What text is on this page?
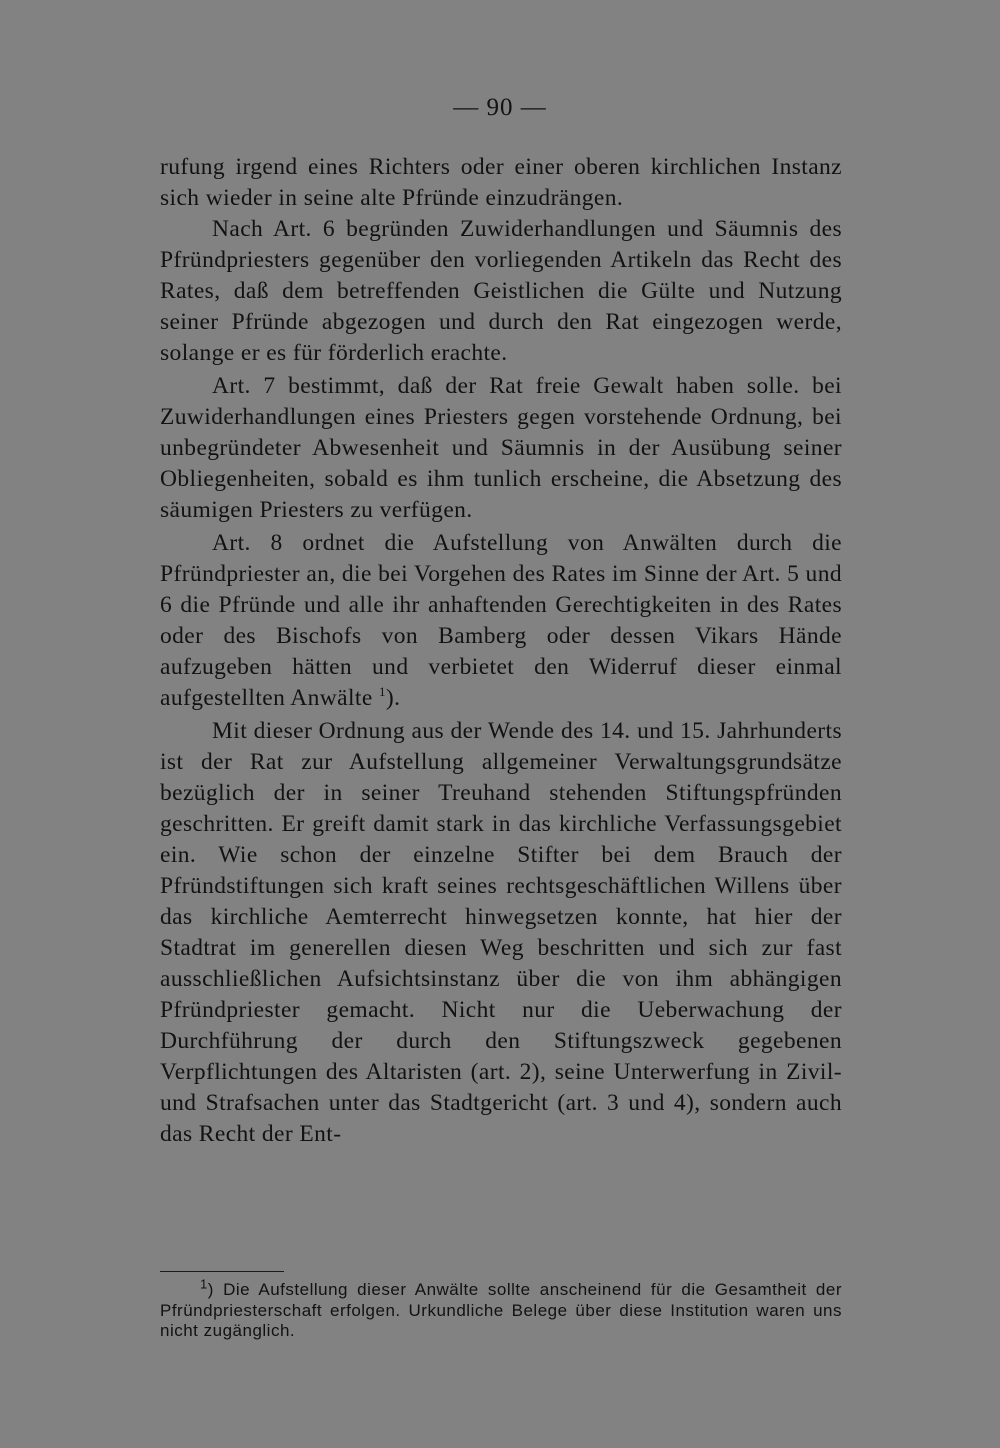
— 90 —

rufung irgend eines Richters oder einer oberen kirchlichen Instanz sich wieder in seine alte Pfründe einzudrängen.

Nach Art. 6 begründen Zuwiderhandlungen und Säumnis des Pfründpriesters gegenüber den vorliegenden Artikeln das Recht des Rates, daß dem betreffenden Geistlichen die Gülte und Nutzung seiner Pfründe abgezogen und durch den Rat eingezogen werde, solange er es für förderlich erachte.

Art. 7 bestimmt, daß der Rat freie Gewalt haben solle. bei Zuwiderhandlungen eines Priesters gegen vorstehende Ordnung, bei unbegründeter Abwesenheit und Säumnis in der Ausübung seiner Obliegenheiten, sobald es ihm tunlich erscheine, die Absetzung des säumigen Priesters zu verfügen.

Art. 8 ordnet die Aufstellung von Anwälten durch die Pfründpriester an, die bei Vorgehen des Rates im Sinne der Art. 5 und 6 die Pfründe und alle ihr anhaftenden Gerechtigkeiten in des Rates oder des Bischofs von Bamberg oder dessen Vikars Hände aufzugeben hätten und verbietet den Widerruf dieser einmal aufgestellten Anwälte $^1$).

Mit dieser Ordnung aus der Wende des 14. und 15. Jahrhunderts ist der Rat zur Aufstellung allgemeiner Verwaltungsgrundsätze bezüglich der in seiner Treuhand stehenden Stiftungspfründen geschritten. Er greift damit stark in das kirchliche Verfassungsgebiet ein. Wie schon der einzelne Stifter bei dem Brauch der Pfründstiftungen sich kraft seines rechtsgeschäftlichen Willens über das kirchliche Aemterrecht hinwegsetzen konnte, hat hier der Stadtrat im generellen diesen Weg beschritten und sich zur fast ausschließlichen Aufsichtsinstanz über die von ihm abhängigen Pfründpriester gemacht. Nicht nur die Ueberwachung der Durchführung der durch den Stiftungszweck gegebenen Verpflichtungen des Altaristen (art. 2), seine Unterwerfung in Zivil- und Strafsachen unter das Stadtgericht (art. 3 und 4), sondern auch das Recht der Ent-

$^1$) Die Aufstellung dieser Anwälte sollte anscheinend für die Gesamtheit der Pfründpriesterschaft erfolgen. Urkundliche Belege über diese Institution waren uns nicht zugänglich.
